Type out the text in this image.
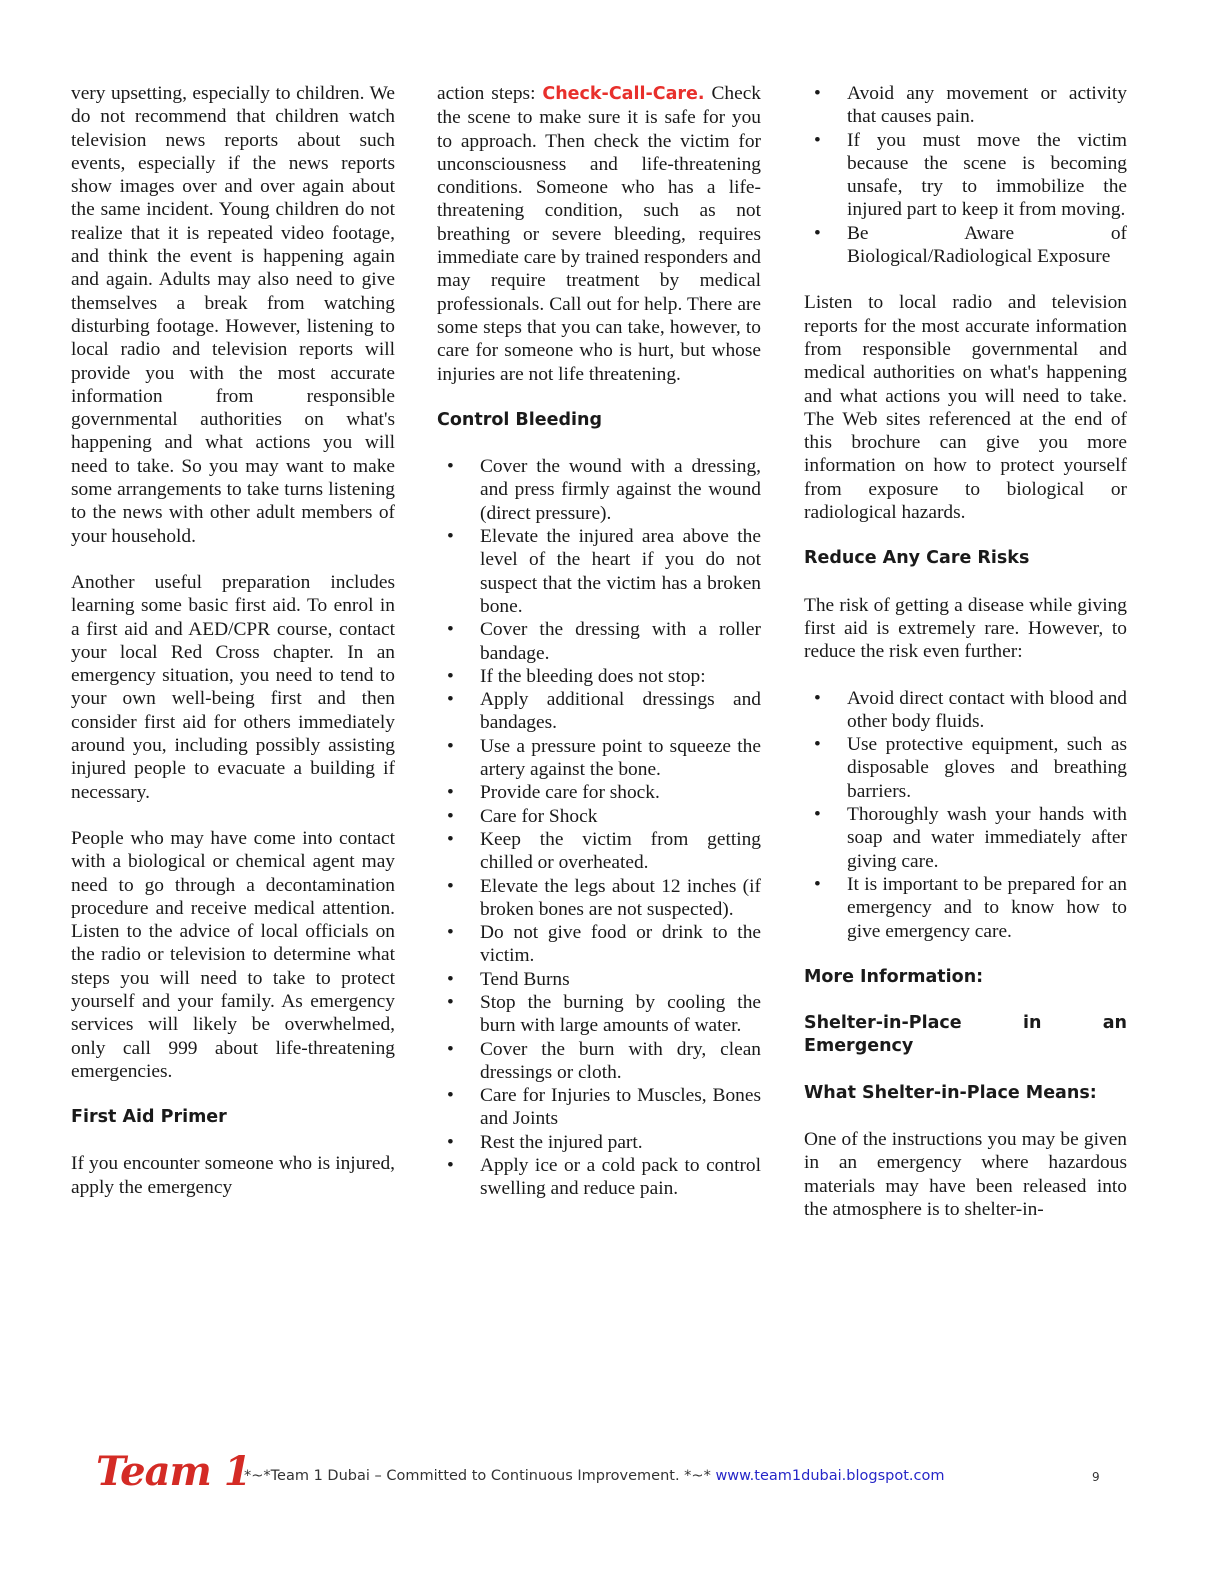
very upsetting, especially to children. We do not recommend that children watch television news reports about such events, especially if the news reports show images over and over again about the same incident. Young children do not realize that it is repeated video footage, and think the event is happening again and again. Adults may also need to give themselves a break from watching disturbing footage. However, listening to local radio and television reports will provide you with the most accurate information from responsible governmental authorities on what's happening and what actions you will need to take. So you may want to make some arrangements to take turns listening to the news with other adult members of your household.

Another useful preparation includes learning some basic first aid. To enrol in a first aid and AED/CPR course, contact your local Red Cross chapter. In an emergency situation, you need to tend to your own well-being first and then consider first aid for others immediately around you, including possibly assisting injured people to evacuate a building if necessary.

People who may have come into contact with a biological or chemical agent may need to go through a decontamination procedure and receive medical attention. Listen to the advice of local officials on the radio or television to determine what steps you will need to take to protect yourself and your family. As emergency services will likely be overwhelmed, only call 999 about life-threatening emergencies.

First Aid Primer

If you encounter someone who is injured, apply the emergency

action steps: Check-Call-Care. Check the scene to make sure it is safe for you to approach. Then check the victim for unconsciousness and life-threatening conditions. Someone who has a life-threatening condition, such as not breathing or severe bleeding, requires immediate care by trained responders and may require treatment by medical professionals. Call out for help. There are some steps that you can take, however, to care for someone who is hurt, but whose injuries are not life threatening.

Control Bleeding
• Cover the wound with a dressing, and press firmly against the wound (direct pressure).
• Elevate the injured area above the level of the heart if you do not suspect that the victim has a broken bone.
• Cover the dressing with a roller bandage.
• If the bleeding does not stop:
• Apply additional dressings and bandages.
• Use a pressure point to squeeze the artery against the bone.
• Provide care for shock.
• Care for Shock
• Keep the victim from getting chilled or overheated.
• Elevate the legs about 12 inches (if broken bones are not suspected).
• Do not give food or drink to the victim.
• Tend Burns
• Stop the burning by cooling the burn with large amounts of water.
• Cover the burn with dry, clean dressings or cloth.
• Care for Injuries to Muscles, Bones and Joints
• Rest the injured part.
• Apply ice or a cold pack to control swelling and reduce pain.
• Avoid any movement or activity that causes pain.
• If you must move the victim because the scene is becoming unsafe, try to immobilize the injured part to keep it from moving.
• Be Aware of Biological/Radiological Exposure

Listen to local radio and television reports for the most accurate information from responsible governmental and medical authorities on what's happening and what actions you will need to take. The Web sites referenced at the end of this brochure can give you more information on how to protect yourself from exposure to biological or radiological hazards.

Reduce Any Care Risks

The risk of getting a disease while giving first aid is extremely rare. However, to reduce the risk even further:

• Avoid direct contact with blood and other body fluids.
• Use protective equipment, such as disposable gloves and breathing barriers.
• Thoroughly wash your hands with soap and water immediately after giving care.
• It is important to be prepared for an emergency and to know how to give emergency care.
More Information:
Shelter-in-Place in an Emergency
What Shelter-in-Place Means:

One of the instructions you may be given in an emergency where hazardous materials may have been released into the atmosphere is to shelter-in-

Team 1
*~*Team 1 Dubai – Committed to Continuous Improvement. *~* www.team1dubai.blogspot.com	9
